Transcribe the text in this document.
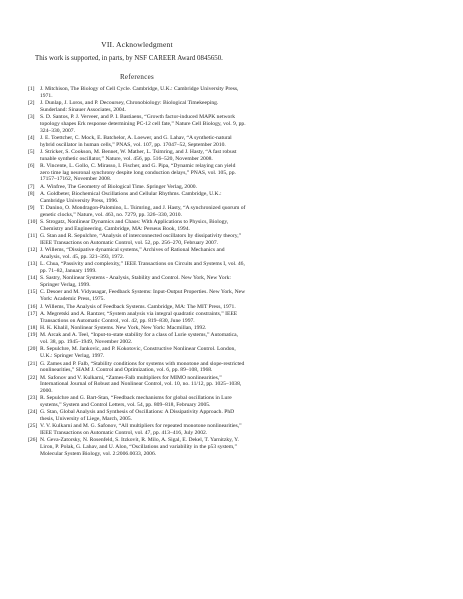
VII. Acknowledgment

This work is supported, in parts, by NSF CAREER Award 0845650.

References
[1] J. Mitchison, The Biology of Cell Cycle. Cambridge, U.K.: Cambridge University Press, 1971.
[2] J. Dunlap, J. Loros, and P. Decoursey, Chronobiology: Biological Timekeeping. Sunderland: Sinauer Associates, 2004.
[3] S. D. Santos, P. J. Verveer, and P. I. Bastiaens, “Growth factor-induced MAPK network topology shapes Erk response determining PC-12 cell fate,” Nature Cell Biology, vol. 9, pp. 324–330, 2007.
[4] J. E. Toettcher, C. Mock, E. Batchelor, A. Loewer, and G. Lahav, “A synthetic-natural hybrid oscillator in human cells,” PNAS, vol. 107, pp. 17047–52, September 2010.
[5] J. Stricker, S. Cookson, M. Bennet, W. Mather, L. Tsimring, and J. Hasty, “A fast robust tunable synthetic oscillator,” Nature, vol. 456, pp. 516–520, November 2008.
[6] R. Vincente, L. Gollo, C. Mirasso, I. Fischer, and G. Pipa, “Dynamic relaying can yield zero time lag neuronal synchrony despite long conduction delays,” PNAS, vol. 105, pp. 17157–17162, November 2008.
[7] A. Winfree, The Geometry of Biological Time. Springer Verlag, 2000.
[8] A. Goldbeter, Biochemical Oscillations and Cellular Rhythms. Cambridge, U.K.: Cambridge University Press, 1996.
[9] T. Danino, O. Mondragon-Palomino, L. Tsimring, and J. Hasty, “A synchronized quorum of genetic clocks,” Nature, vol. 463, no. 7279, pp. 326–330, 2010.
[10] S. Strogatz, Nonlinear Dynamics and Chaos: With Applications to Physics, Biology, Chemistry and Engineering. Cambridge, MA: Perseus Book, 1994.
[11] G. Stan and R. Sepulchre, “Analysis of interconnected oscillators by dissipativity theory,” IEEE Transactions on Automatic Control, vol. 52, pp. 256–270, February 2007.
[12] J. Willems, “Dissipative dynamical systems,” Archives of Rational Mechanics and Analysis, vol. 45, pp. 321–393, 1972.
[13] L. Chua, “Passivity and complexity,” IEEE Transactions on Circuits and Systems I, vol. 46, pp. 71–82, January 1999.
[14] S. Sastry, Nonlinear Systems - Analysis, Stability and Control. New York, New York: Springer Verlag, 1999.
[15] C. Desoer and M. Vidyasagar, Feedback Systems: Input-Output Properties. New York, New York: Academic Press, 1975.
[16] J. Willems, The Analysis of Feedback Systems. Cambridge, MA: The MIT Press, 1971.
[17] A. Megretski and A. Rantzer, “System analysis via integral quadratic constraints,” IEEE Transactions on Automatic Control, vol. 42, pp. 819–830, June 1997.
[18] H. K. Khalil, Nonlinear Systems. New York, New York: Macmillan, 1992.
[19] M. Arcak and A. Teel, “Input-to-state stability for a class of Lurie systems,” Automatica, vol. 38, pp. 1945–1949, November 2002.
[20] R. Sepulchre, M. Jankovic, and P. Kokotovic, Constructive Nonlinear Control. London, U.K.: Springer Verlag, 1997.
[21] G. Zames and P. Falb, “Stability conditions for systems with monotone and slope-restricted nonlinearities,” SIAM J. Control and Optimization, vol. 6, pp. 89–108, 1968.
[22] M. Safonov and V. Kulkarni, “Zames-Falb multipliers for MIMO nonlinearities,” International Journal of Robust and Nonlinear Control, vol. 10, no. 11/12, pp. 1025–1038, 2000.
[23] R. Sepulchre and G. Bart-Stan, “Feedback mechanisms for global oscillations in Lure systems,” System and Control Letters, vol. 54, pp. 809–818, February 2005.
[24] G. Stan, Global Analysis and Synthesis of Oscillations: A Dissipativity Approach. PhD thesis, University of Liege, March, 2005.
[25] V. V. Kulkarni and M. G. Safonov, “All multipliers for repeated monotone nonlinearities,” IEEE Transactions on Automatic Control, vol. 47, pp. 413–416, July 2002.
[26] N. Geva-Zatorsky, N. Rosenfeld, S. Itzkovit, R. Milo, A. Sigal, E. Dekel, T. Yarnitzky, Y. Liron, P. Polak, G. Lahav, and U. Alon, “Oscillations and variability in the p53 system,” Molecular System Biology, vol. 2:2006.0033, 2006.
